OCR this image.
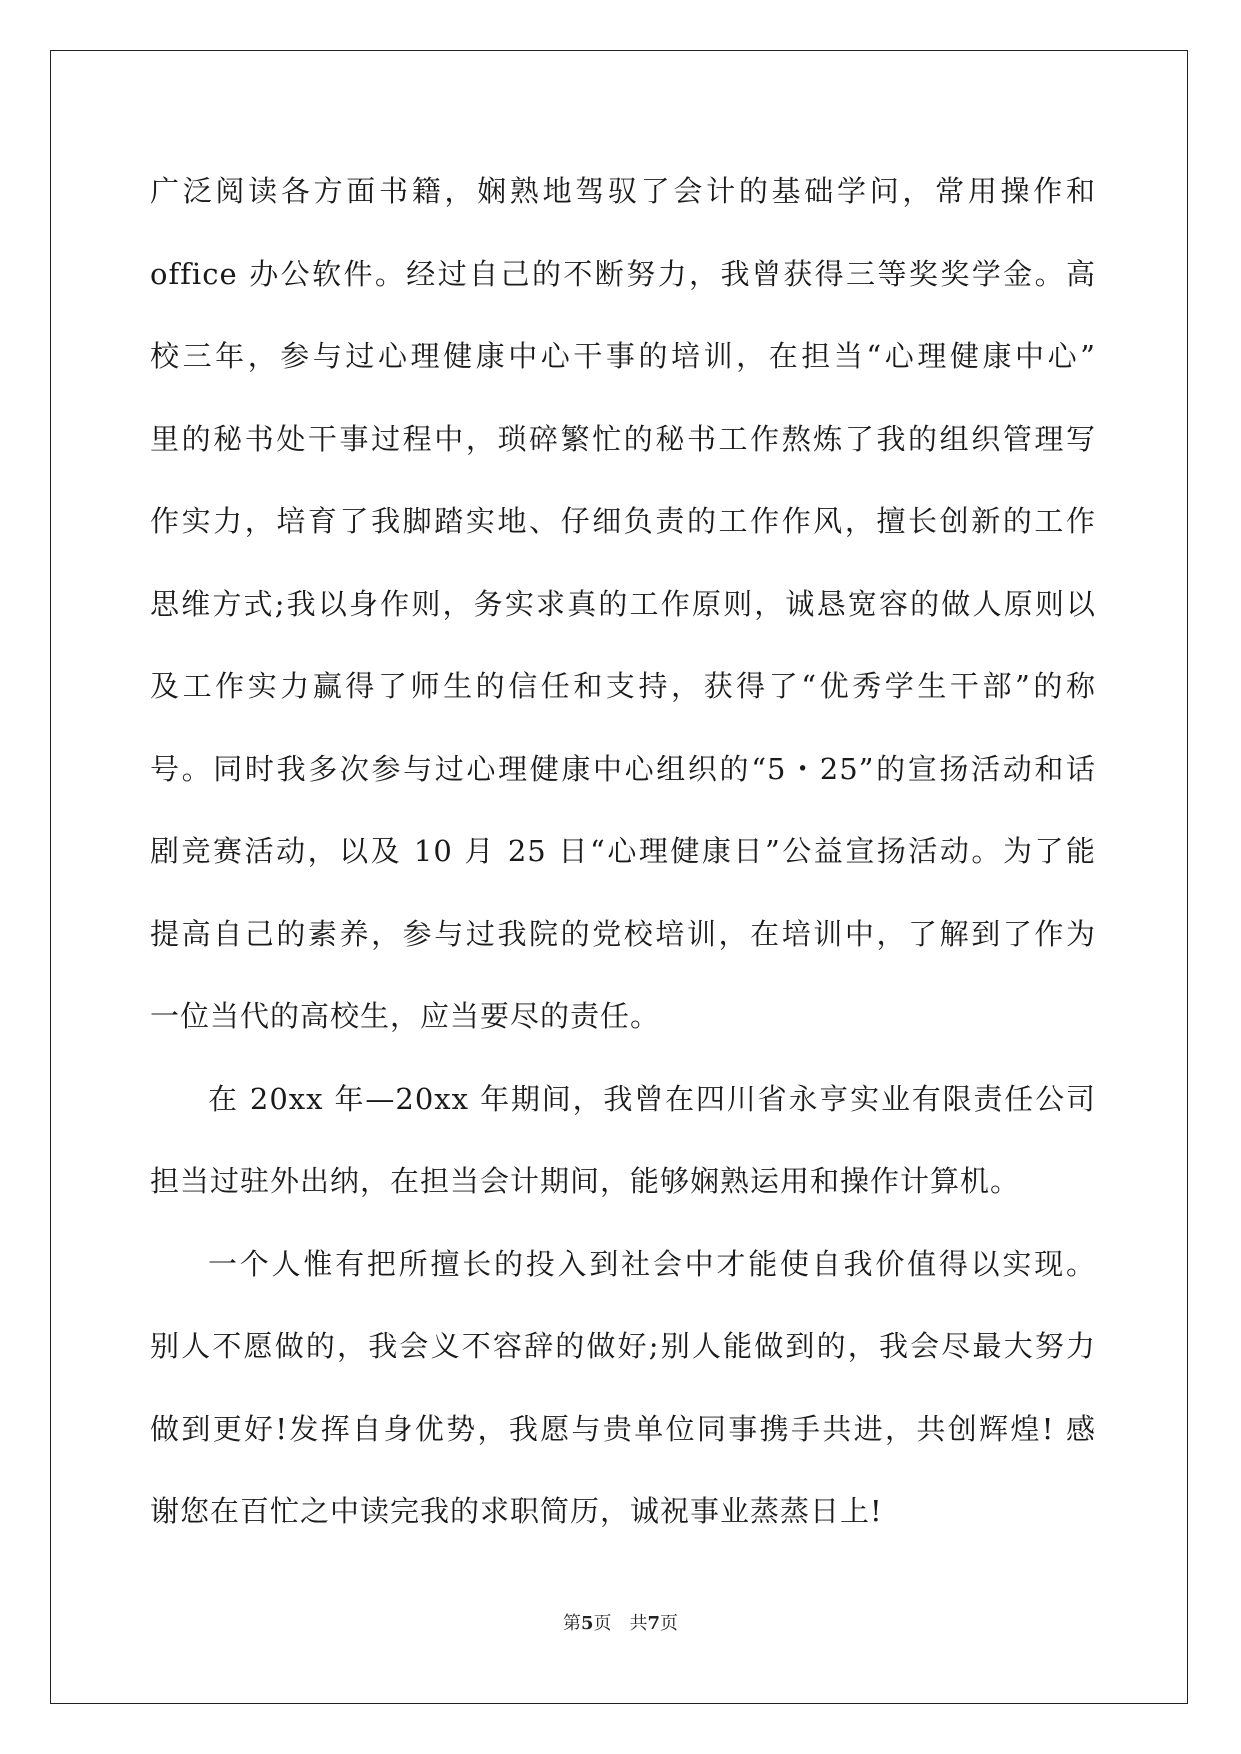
广泛阅读各方面书籍，娴熟地驾驭了会计的基础学问，常用操作和
office 办公软件。经过自己的不断努力，我曾获得三等奖奖学金。高
校三年，参与过心理健康中心干事的培训，在担当“心理健康中心”
里的秘书处干事过程中，琐碎繁忙的秘书工作熬炼了我的组织管理写
作实力，培育了我脚踏实地、仔细负责的工作作风，擅长创新的工作
思维方式;我以身作则，务实求真的工作原则，诚恳宽容的做人原则以
及工作实力赢得了师生的信任和支持，获得了“优秀学生干部”的称
号。同时我多次参与过心理健康中心组织的“5・25”的宣扬活动和话
剧竞赛活动，以及 10 月 25 日“心理健康日”公益宣扬活动。为了能
提高自己的素养，参与过我院的党校培训，在培训中，了解到了作为
一位当代的高校生，应当要尽的责任。
在 20xx 年—20xx 年期间，我曾在四川省永亨实业有限责任公司
担当过驻外出纳，在担当会计期间，能够娴熟运用和操作计算机。
一个人惟有把所擅长的投入到社会中才能使自我价值得以实现。
别人不愿做的，我会义不容辞的做好;别人能做到的，我会尽最大努力
做到更好!发挥自身优势，我愿与贵单位同事携手共进，共创辉煌! 感
谢您在百忙之中读完我的求职简历，诚祝事业蒸蒸日上!
第5页 共7页
